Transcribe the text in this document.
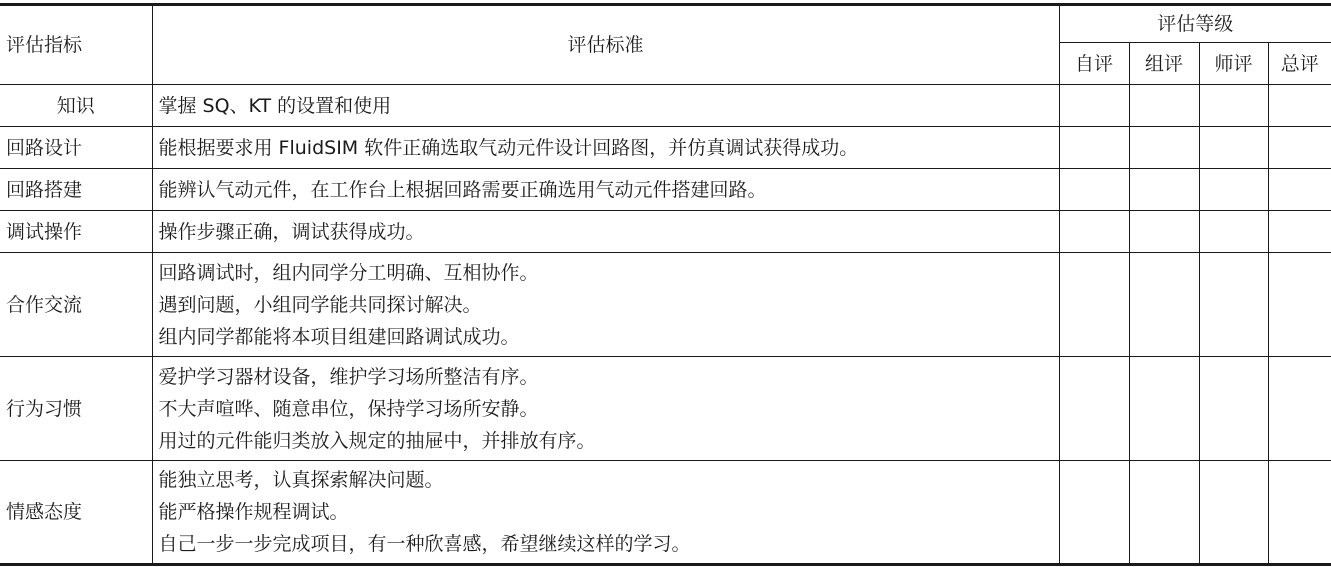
评估指标	评估标准	评估等级			
		自评	组评	师评	总评
知识	掌握 SQ、KT 的设置和使用				

回路设计	能根据要求用 FluidSIM 软件正确选取气动元件设计回路图，并仿真调试获得成功。				

回路搭建	能辨认气动元件，在工作台上根据回路需要正确选用气动元件搭建回路。				

调试操作	操作步骤正确，调试获得成功。				

合作交流	回路调试时，组内同学分工明确、互相协作。
遇到问题，小组同学能共同探讨解决。
组内同学都能将本项目组建回路调试成功。				

行为习惯	爱护学习器材设备，维护学习场所整洁有序。
不大声喧哗、随意串位，保持学习场所安静。
用过的元件能归类放入规定的抽屉中，并排放有序。				

情感态度	能独立思考，认真探索解决问题。
能严格操作规程调试。
自己一步一步完成项目，有一种欣喜感，希望继续这样的学习。				
